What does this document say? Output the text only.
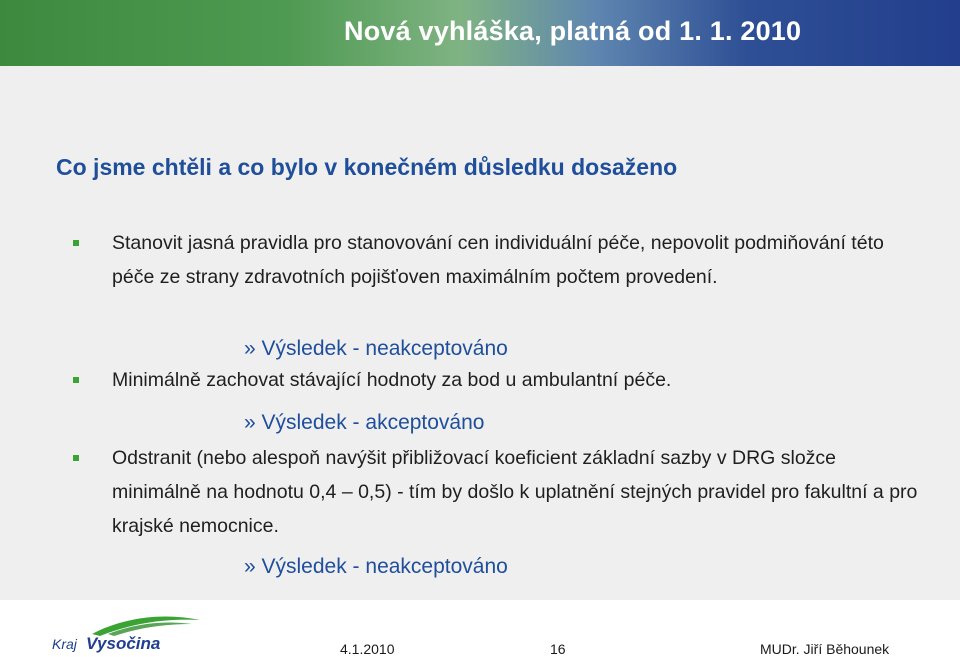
Nová vyhláška, platná od 1. 1. 2010
Co jsme chtěli a co bylo v konečném důsledku dosaženo
Stanovit jasná pravidla pro stanovování cen individuální péče, nepovolit podmiňování této péče ze strany zdravotních pojišťoven maximálním počtem provedení.
» Výsledek - neakceptováno
Minimálně zachovat stávající hodnoty za bod u ambulantní péče.
» Výsledek - akceptováno
Odstranit (nebo alespoň navýšit přibližovací koeficient základní sazby v DRG složce minimálně na hodnotu 0,4 – 0,5) - tím by došlo k uplatnění stejných pravidel pro fakultní a pro krajské nemocnice.
» Výsledek - neakceptováno
Kraj Vysočina	4.1.2010	16	MUDr. Jiří Běhounek
